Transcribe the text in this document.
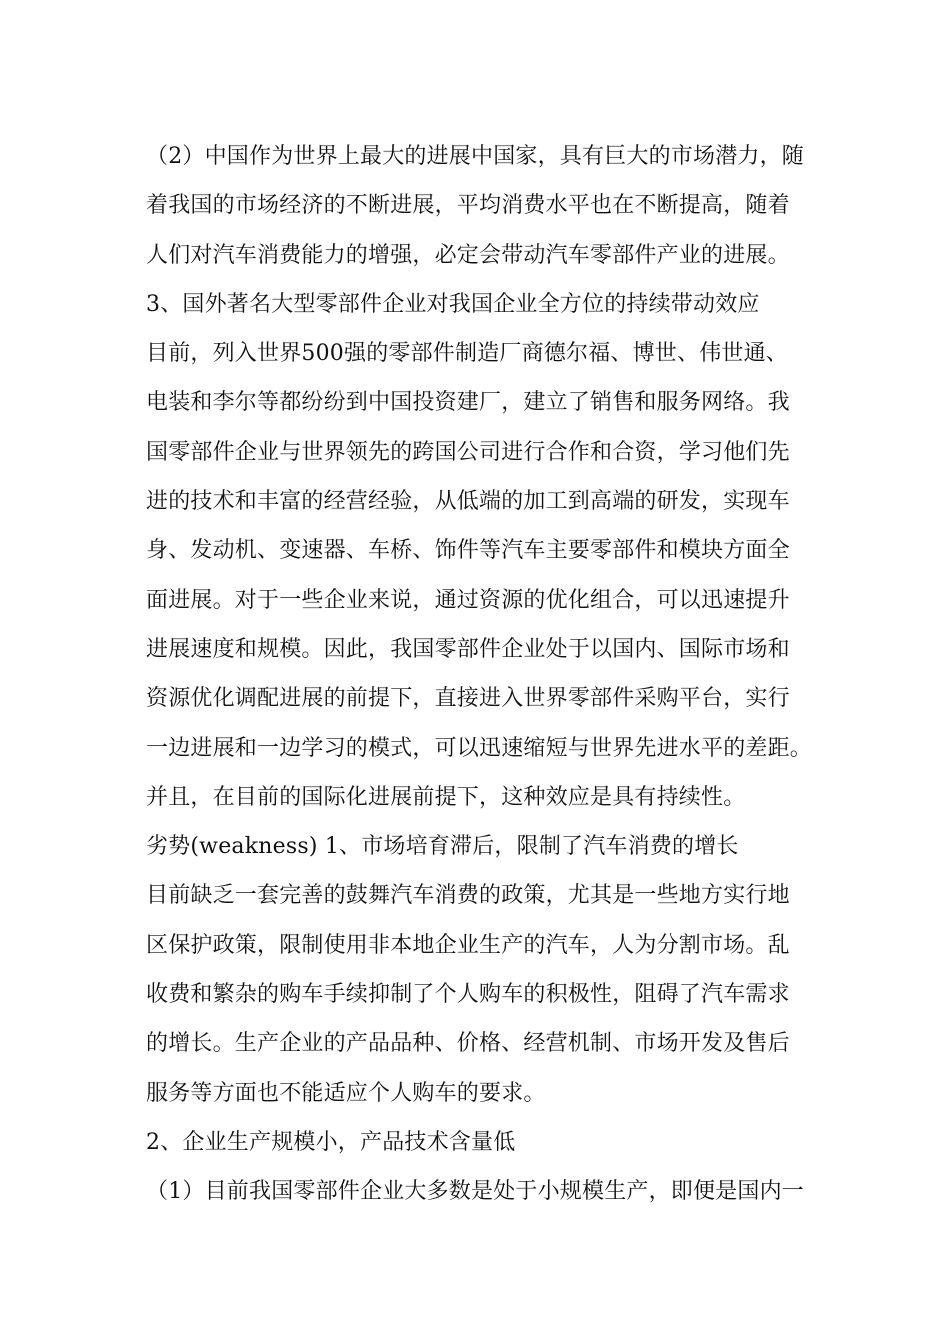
（2）中国作为世界上最大的进展中国家，具有巨大的市场潜力，随
着我国的市场经济的不断进展，平均消费水平也在不断提高，随着
人们对汽车消费能力的增强，必定会带动汽车零部件产业的进展。
3、国外著名大型零部件企业对我国企业全方位的持续带动效应
目前，列入世界500强的零部件制造厂商德尔福、博世、伟世通、
电装和李尔等都纷纷到中国投资建厂，建立了销售和服务网络。我
国零部件企业与世界领先的跨国公司进行合作和合资，学习他们先
进的技术和丰富的经营经验，从低端的加工到高端的研发，实现车
身、发动机、变速器、车桥、饰件等汽车主要零部件和模块方面全
面进展。对于一些企业来说，通过资源的优化组合，可以迅速提升
进展速度和规模。因此，我国零部件企业处于以国内、国际市场和
资源优化调配进展的前提下，直接进入世界零部件采购平台，实行
一边进展和一边学习的模式，可以迅速缩短与世界先进水平的差距。
并且，在目前的国际化进展前提下，这种效应是具有持续性。
劣势(weakness) 1、市场培育滞后，限制了汽车消费的增长
目前缺乏一套完善的鼓舞汽车消费的政策，尤其是一些地方实行地
区保护政策，限制使用非本地企业生产的汽车，人为分割市场。乱
收费和繁杂的购车手续抑制了个人购车的积极性，阻碍了汽车需求
的增长。生产企业的产品品种、价格、经营机制、市场开发及售后
服务等方面也不能适应个人购车的要求。
2、企业生产规模小，产品技术含量低
（1）目前我国零部件企业大多数是处于小规模生产，即便是国内一
